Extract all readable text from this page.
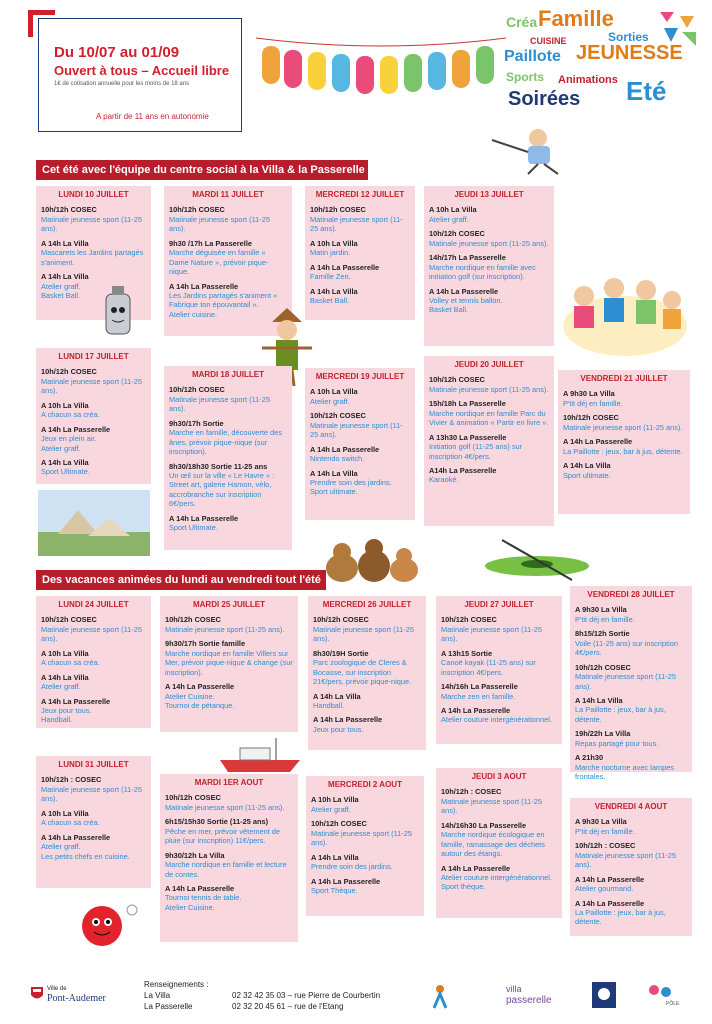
Du 10/07 au 01/09
Ouvert à tous – Accueil libre
1€ de cotisation annuelle pour les moins de 18 ans
A partir de 11 ans en autonomie
Créa Famille
CUISINE	Sorties
Paillote JEUNESSE
Sports Animations
Soirées Eté
Cet été avec l'équipe du centre social à la Villa & la Passerelle
LUNDI 10 JUILLET
10h/12h COSEC
Matinale jeunesse sport (11-25 ans).
A 14h La Villa
Mascarets les Jardins partagés s'animent.
A 14h La Villa
Atelier graff.
Basket Ball.
MARDI 11 JUILLET
10h/12h COSEC
Matinale jeunesse sport (11-25 ans).
9h30 /17h La Passerelle
Marche déguisée en famille « Dame Nature », prévoir pique-nique.
A 14h La Passerelle
Les Jardins partagés s'animent « Fabrique ton épouvantail ».
Atelier cuisine.
MERCREDI 12 JUILLET
10h/12h COSEC
Matinale jeunesse sport (11-25 ans).
A 10h La Villa
Matin jardin.
A 14h La Passerelle
Famille Zen.
A 14h La Villa
Basket Ball.
JEUDI 13 JUILLET
A 10h La Villa
Atelier graff.
10h/12h COSEC
Matinale jeunesse sport (11-25 ans).
14h/17h La Passerelle
Marche nordique en famille avec initiation golf (sur inscription).
A 14h La Passerelle
Volley et tennis ballon.
Basket Ball.
LUNDI 17 JUILLET
10h/12h COSEC
Matinale jeunesse sport (11-25 ans).
A 10h La Villa
A chacun sa créa.
A 14h La Passerelle
Jeux en plein air.
Atelier graff.
A 14h La Villa
Sport Ultimate.
MARDI 18 JUILLET
10h/12h COSEC
Matinale jeunesse sport (11-25 ans).
9h30/17h Sortie
Marche en famille, découverte des ânes, prévoir pique-nique (sur inscription).
8h30/18h30 Sortie 11-25 ans
Un œil sur la ville « Le Havre » : Street art, galerie Hamon, vélo, accrobranche sur inscription 6€/pers.
A 14h La Passerelle
Sport Ultimate.
MERCREDI 19 JUILLET
A 10h La Villa
Atelier graff.
10h/12h COSEC
Matinale jeunesse sport (11-25 ans).
A 14h La Passerelle
Nintendo switch.
A 14h La Villa
Prendre soin des jardins.
Sport ultimate.
JEUDI 20 JUILLET
10h/12h COSEC
Matinale jeunesse sport (11-25 ans).
15h/18h La Passerelle
Marche nordique en famille Parc du Vivier & animation « Partir en livre ».
A 13h30 La Passerelle
Initiation golf (11-25 ans) sur inscription 4€/pers.
A14h La Passerelle
Karaoké.
VENDREDI 21 JUILLET
A 9h30 La Villa
P'tit déj en famille.
10h/12h COSEC
Matinale jeunesse sport (11-25 ans).
A 14h La Passerelle
La Paillotte : jeux, bar à jus, détente.
A 14h La Villa
Sport ultimate.
Des vacances animées du lundi au vendredi tout l'été
LUNDI 24 JUILLET
10h/12h COSEC
Matinale jeunesse sport (11-25 ans).
A 10h La Villa
A chacun sa créa.
A 14h La Villa
Atelier graff.
A 14h La Passerelle
Jeux pour tous.
Handball.
MARDI 25 JUILLET
10h/12h COSEC
Matinale jeunesse sport (11-25 ans).
9h30/17h Sortie famille
Marche nordique en famille Villers sur Mer, prévoir pique-nique & change (sur inscription).
A 14h La Passerelle
Atelier Cuisine.
Tournoi de pétanque.
MERCREDI 26 JUILLET
10h/12h COSEC
Matinale jeunesse sport (11-25 ans).
8h30/19H Sortie
Parc zoologique de Cleres & Bocasse, sur inscription 21€/pers, prévoir pique-nique.
A 14h La Villa
Handball.
A 14h La Passerelle
Jeux pour tous.
JEUDI 27 JUILLET
10h/12h COSEC
Matinale jeunesse sport (11-25 ans).
A 13h15 Sortie
Canoë kayak (11-25 ans) sur inscription 4€/pers.
14h/16h La Passerelle
Marche zen en famille.
A 14h La Passerelle
Atelier couture intergénérationnel.
VENDREDI 28 JUILLET
A 9h30 La Villa
P'tit déj en famille.
8h15/12h Sortie
Voile (11-25 ans) sur inscription 4€/pers.
10h/12h COSEC
Matinale jeunesse sport (11-25 ans).
A 14h La Villa
La Paillotte : jeux, bar à jus, détente.
19h/22h La Villa
Repas partagé pour tous.
A 21h30
Marche nocturne avec lampes frontales.
LUNDI 31 JUILLET
10h/12h : COSEC
Matinale jeunesse sport (11-25 ans).
A 10h La Villa
A chacun sa créa.
A 14h La Passerelle
Atelier graff.
Les petits chefs en cuisine.
MARDI 1ER AOUT
10h/12h COSEC
Matinale jeunesse sport (11-25 ans).
6h15/15h30 Sortie (11-25 ans)
Pêche en mer, prévoir vêtement de pluie (sur inscription) 11€/pers.
9h30/12h La Villa
Marche nordique en famille et lecture de contes.
A 14h La Passerelle
Tournoi tennis de table.
Atelier Cuisine.
MERCREDI 2 AOUT
A 10h La Villa
Atelier graff.
10h/12h COSEC
Matinale jeunesse sport (11-25 ans).
A 14h La Villa
Prendre soin des jardins.
A 14h La Passerelle
Sport Thèque.
JEUDI 3 AOUT
10h/12h : COSEC
Matinale jeunesse sport (11-25 ans).
14h/16h30 La Passerelle
Marche nordique écologique en famille, ramassage des déchets autour des étangs.
A 14h La Passerelle
Atelier couture intergénérationnel.
Sport thèque.
VENDREDI 4 AOUT
A 9h30 La Villa
P'tit déj en famille.
10h/12h : COSEC
Matinale jeunesse sport (11-25 ans).
A 14h La Passerelle
Atelier gourmand.
A 14h La Passerelle
La Paillotte : jeux, bar à jus, détente.
Ville de
Pont-Audemer
Renseignements :
La Villa
La Passerelle
02 32 42 35 03 – rue Pierre de Courbertin
02 32 20 45 61 – rue de l'Etang
villa
passerelle	PÔLE
